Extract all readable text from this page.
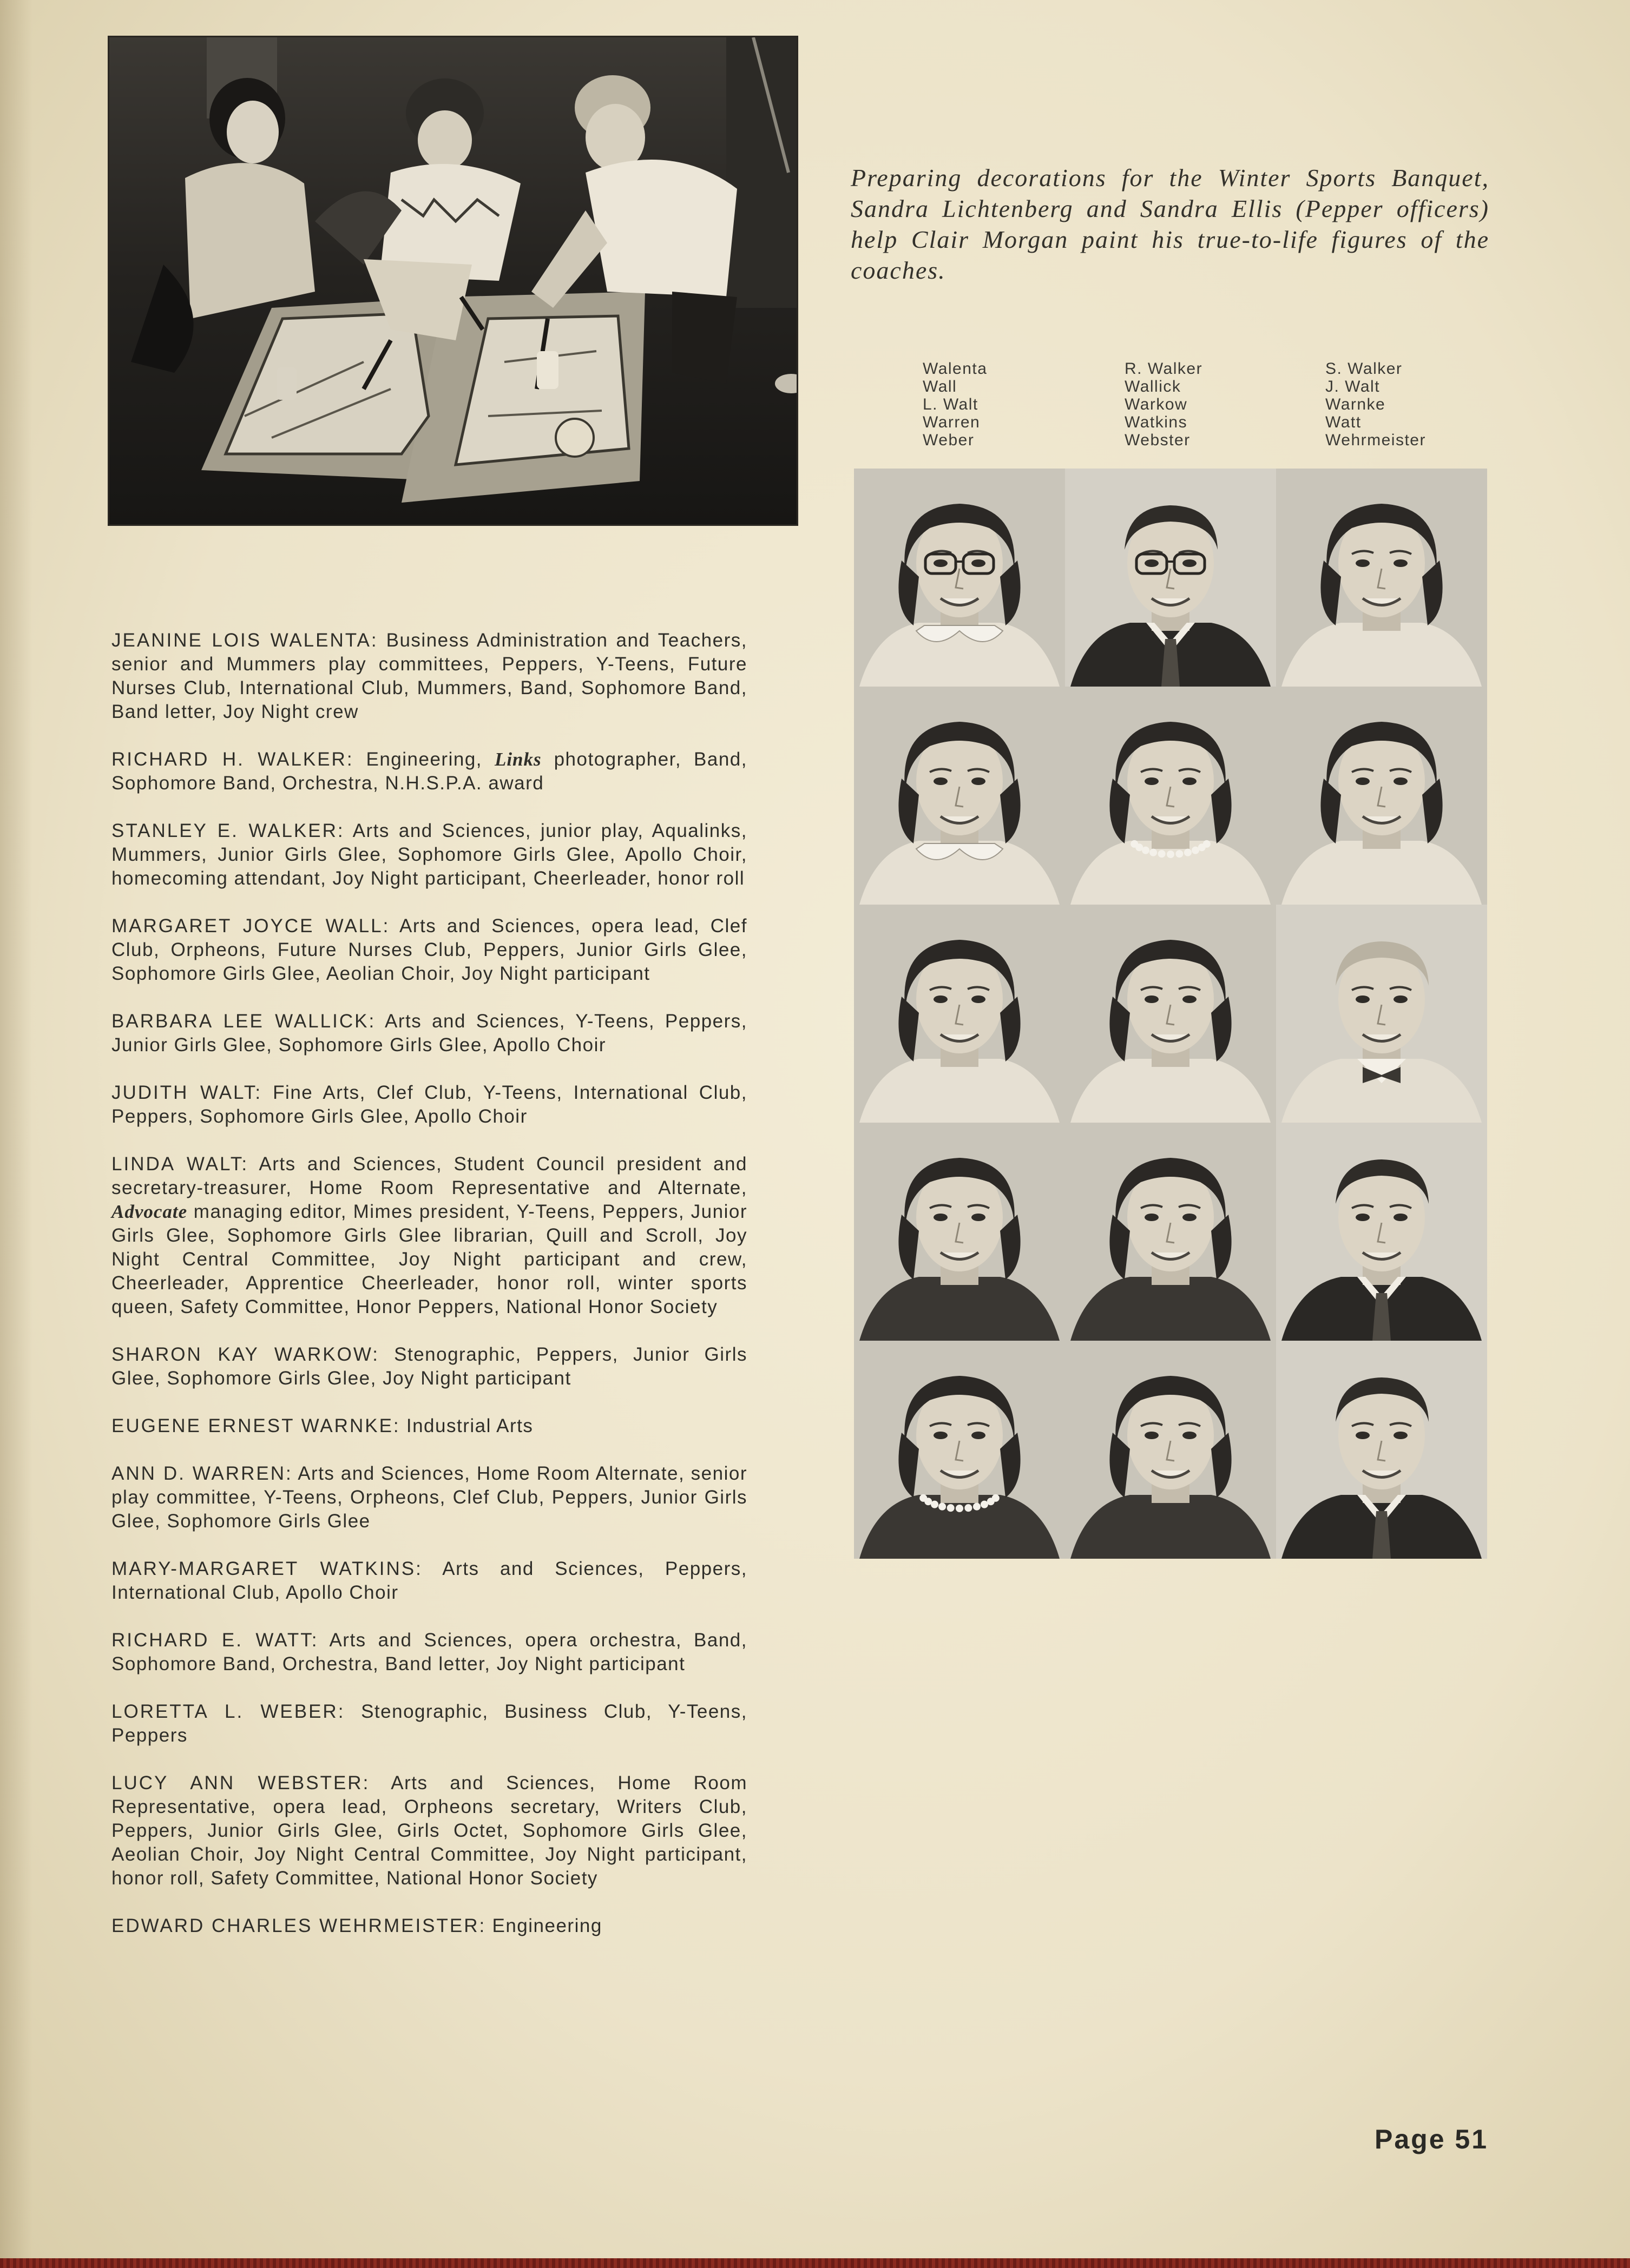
Preparing decorations for the Winter Sports Banquet, Sandra Lichtenberg and Sandra Ellis (Pepper officers) help Clair Morgan paint his true-to-life figures of the coaches.
Walenta
Wall
L. Walt
Warren
Weber
R. Walker
Wallick
Warkow
Watkins
Webster
S. Walker
J. Walt
Warnke
Watt
Wehrmeister

JEANINE LOIS WALENTA: Business Administration and Teachers, senior and Mummers play committees, Peppers, Y-Teens, Future Nurses Club, International Club, Mummers, Band, Sophomore Band, Band letter, Joy Night crew

RICHARD H. WALKER: Engineering, Links photographer, Band, Sophomore Band, Orchestra, N.H.S.P.A. award

STANLEY E. WALKER: Arts and Sciences, junior play, Aqualinks, Mummers, Junior Girls Glee, Sophomore Girls Glee, Apollo Choir, homecoming attendant, Joy Night participant, Cheerleader, honor roll

MARGARET JOYCE WALL: Arts and Sciences, opera lead, Clef Club, Orpheons, Future Nurses Club, Peppers, Junior Girls Glee, Sophomore Girls Glee, Aeolian Choir, Joy Night participant

BARBARA LEE WALLICK: Arts and Sciences, Y-Teens, Peppers, Junior Girls Glee, Sophomore Girls Glee, Apollo Choir

JUDITH WALT: Fine Arts, Clef Club, Y-Teens, International Club, Peppers, Sophomore Girls Glee, Apollo Choir

LINDA WALT: Arts and Sciences, Student Council president and secretary-treasurer, Home Room Representative and Alternate, Advocate managing editor, Mimes president, Y-Teens, Peppers, Junior Girls Glee, Sophomore Girls Glee librarian, Quill and Scroll, Joy Night Central Committee, Joy Night participant and crew, Cheerleader, Apprentice Cheerleader, honor roll, winter sports queen, Safety Committee, Honor Peppers, National Honor Society

SHARON KAY WARKOW: Stenographic, Peppers, Junior Girls Glee, Sophomore Girls Glee, Joy Night participant

EUGENE ERNEST WARNKE: Industrial Arts

ANN D. WARREN: Arts and Sciences, Home Room Alternate, senior play committee, Y-Teens, Orpheons, Clef Club, Peppers, Junior Girls Glee, Sophomore Girls Glee

MARY-MARGARET WATKINS: Arts and Sciences, Peppers, International Club, Apollo Choir

RICHARD E. WATT: Arts and Sciences, opera orchestra, Band, Sophomore Band, Orchestra, Band letter, Joy Night participant

LORETTA L. WEBER: Stenographic, Business Club, Y-Teens, Peppers

LUCY ANN WEBSTER: Arts and Sciences, Home Room Representative, opera lead, Orpheons secretary, Writers Club, Peppers, Junior Girls Glee, Girls Octet, Sophomore Girls Glee, Aeolian Choir, Joy Night Central Committee, Joy Night participant, honor roll, Safety Committee, National Honor Society

EDWARD CHARLES WEHRMEISTER: Engineering

Page 51
